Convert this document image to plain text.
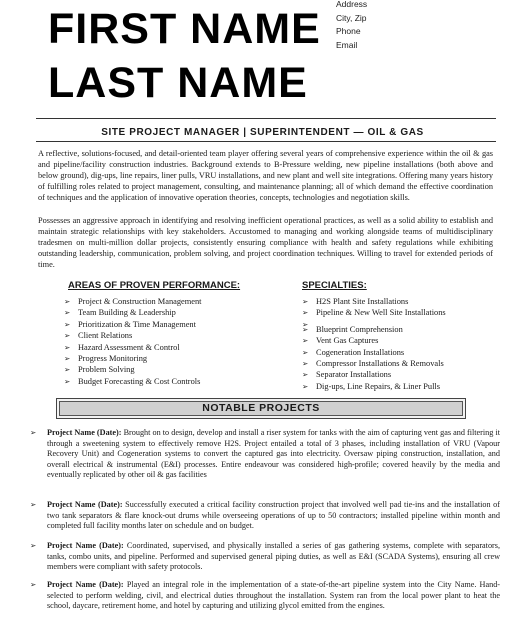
FIRST NAME
LAST NAME
Address
City, Zip
Phone
Email
SITE PROJECT MANAGER | SUPERINTENDENT — OIL & GAS
A reflective, solutions-focused, and detail-oriented team player offering several years of comprehensive experience within the oil & gas and pipeline/facility construction industries. Background extends to B-Pressure welding, new pipeline installations (both above and below ground), dig-ups, line repairs, liner pulls, VRU installations, and new plant and well site integrations. Offering many years history of fulfilling roles related to project management, consulting, and maintenance planning; all of which demand the effective coordination of techniques and the application of innovative operation theories, concepts, technologies and negotiation skills.
Possesses an aggressive approach in identifying and resolving inefficient operational practices, as well as a solid ability to establish and maintain strategic relationships with key stakeholders. Accustomed to managing and working alongside teams of multidisciplinary tradesmen on multi-million dollar projects, consistently ensuring compliance with health and safety regulations while exhibiting outstanding leadership, communication, problem solving, and project coordination techniques. Willing to travel for extended periods of time.
AREAS OF PROVEN PERFORMANCE:
➢ Project & Construction Management
➢ Team Building & Leadership
➢ Prioritization & Time Management
➢ Client Relations
➢ Hazard Assessment & Control
➢ Progress Monitoring
➢ Problem Solving
➢ Budget Forecasting & Cost Controls
SPECIALTIES:
➢ H2S Plant Site Installations
➢ Pipeline & New Well Site Installations
➢
➢ Blueprint Comprehension
➢ Vent Gas Captures
➢ Cogeneration Installations
➢ Compressor Installations & Removals
➢ Separator Installations
➢ Dig-ups, Line Repairs, & Liner Pulls
NOTABLE PROJECTS
➢ Project Name (Date): Brought on to design, develop and install a riser system for tanks with the aim of capturing vent gas and filtering it through a sweetening system to effectively remove H2S. Project entailed a total of 3 phases, including installation of VRU (Vapour Recovery Unit) and Cogeneration systems to convert the captured gas into electricity. Oversaw piping construction, installation, and overall electrical & instrumental (E&I) processes. Entire endeavour was considered high-profile; covered heavily by the media and eventually replicated by other oil & gas facilities
➢ Project Name (Date): Successfully executed a critical facility construction project that involved well pad tie-ins and the installation of two tank separators & flare knock-out drums while overseeing operations of up to 50 contractors; installed pipeline within month and completed full facility months later on schedule and on budget.
➢ Project Name (Date): Coordinated, supervised, and physically installed a series of gas gathering systems, complete with separators, tanks, combo units, and pipeline. Performed and supervised general piping duties, as well as E&I (SCADA Systems), ensuring all crew members were compliant with safety protocols.
➢ Project Name (Date): Played an integral role in the implementation of a state-of-the-art pipeline system into the City Name. Hand-selected to perform welding, civil, and electrical duties throughout the installation. System ran from the local power plant to heat the school, daycare, retirement home, and hotel by capturing and utilizing glycol emitted from the engines.
